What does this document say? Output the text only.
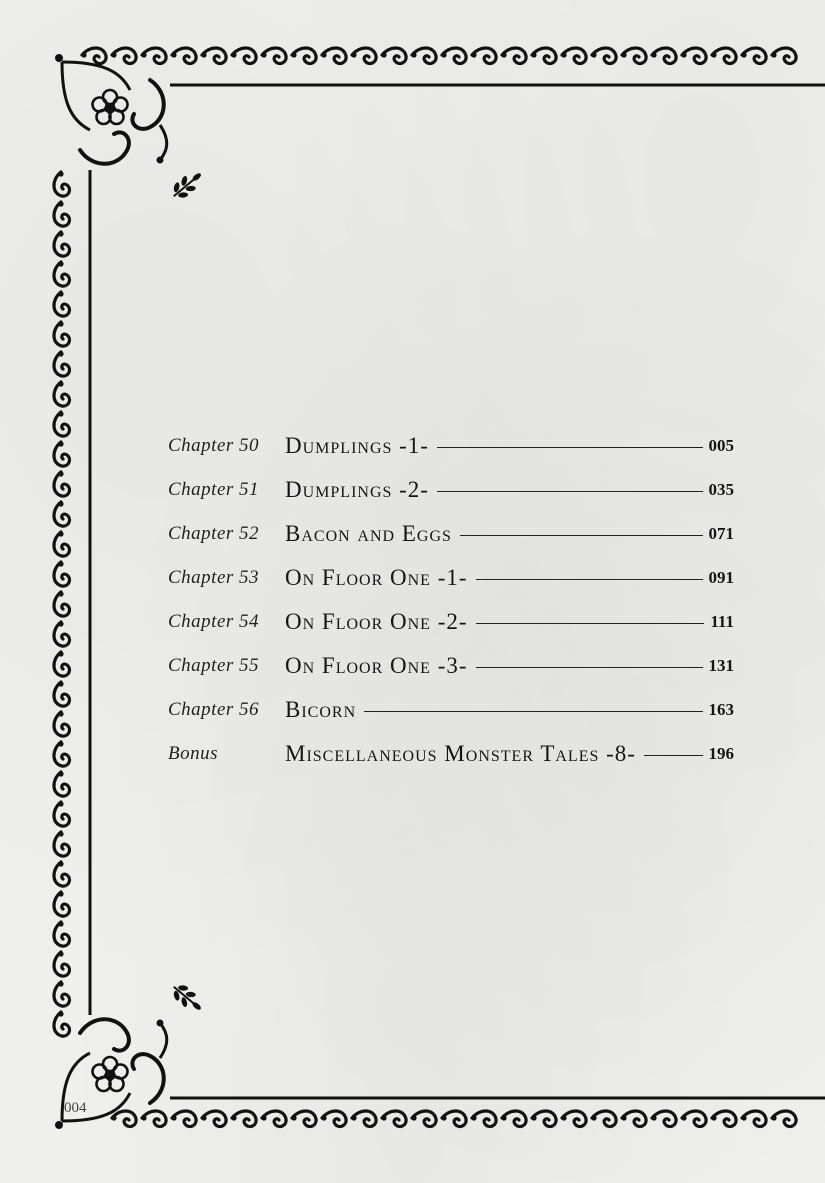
Chapter 50	Dumplings -1-	005
Chapter 51	Dumplings -2-	035
Chapter 52	Bacon and Eggs	071
Chapter 53	On Floor One -1-	091
Chapter 54	On Floor One -2-	111
Chapter 55	On Floor One -3-	131
Chapter 56	Bicorn	163
Bonus	Miscellaneous Monster Tales -8-	196
004
